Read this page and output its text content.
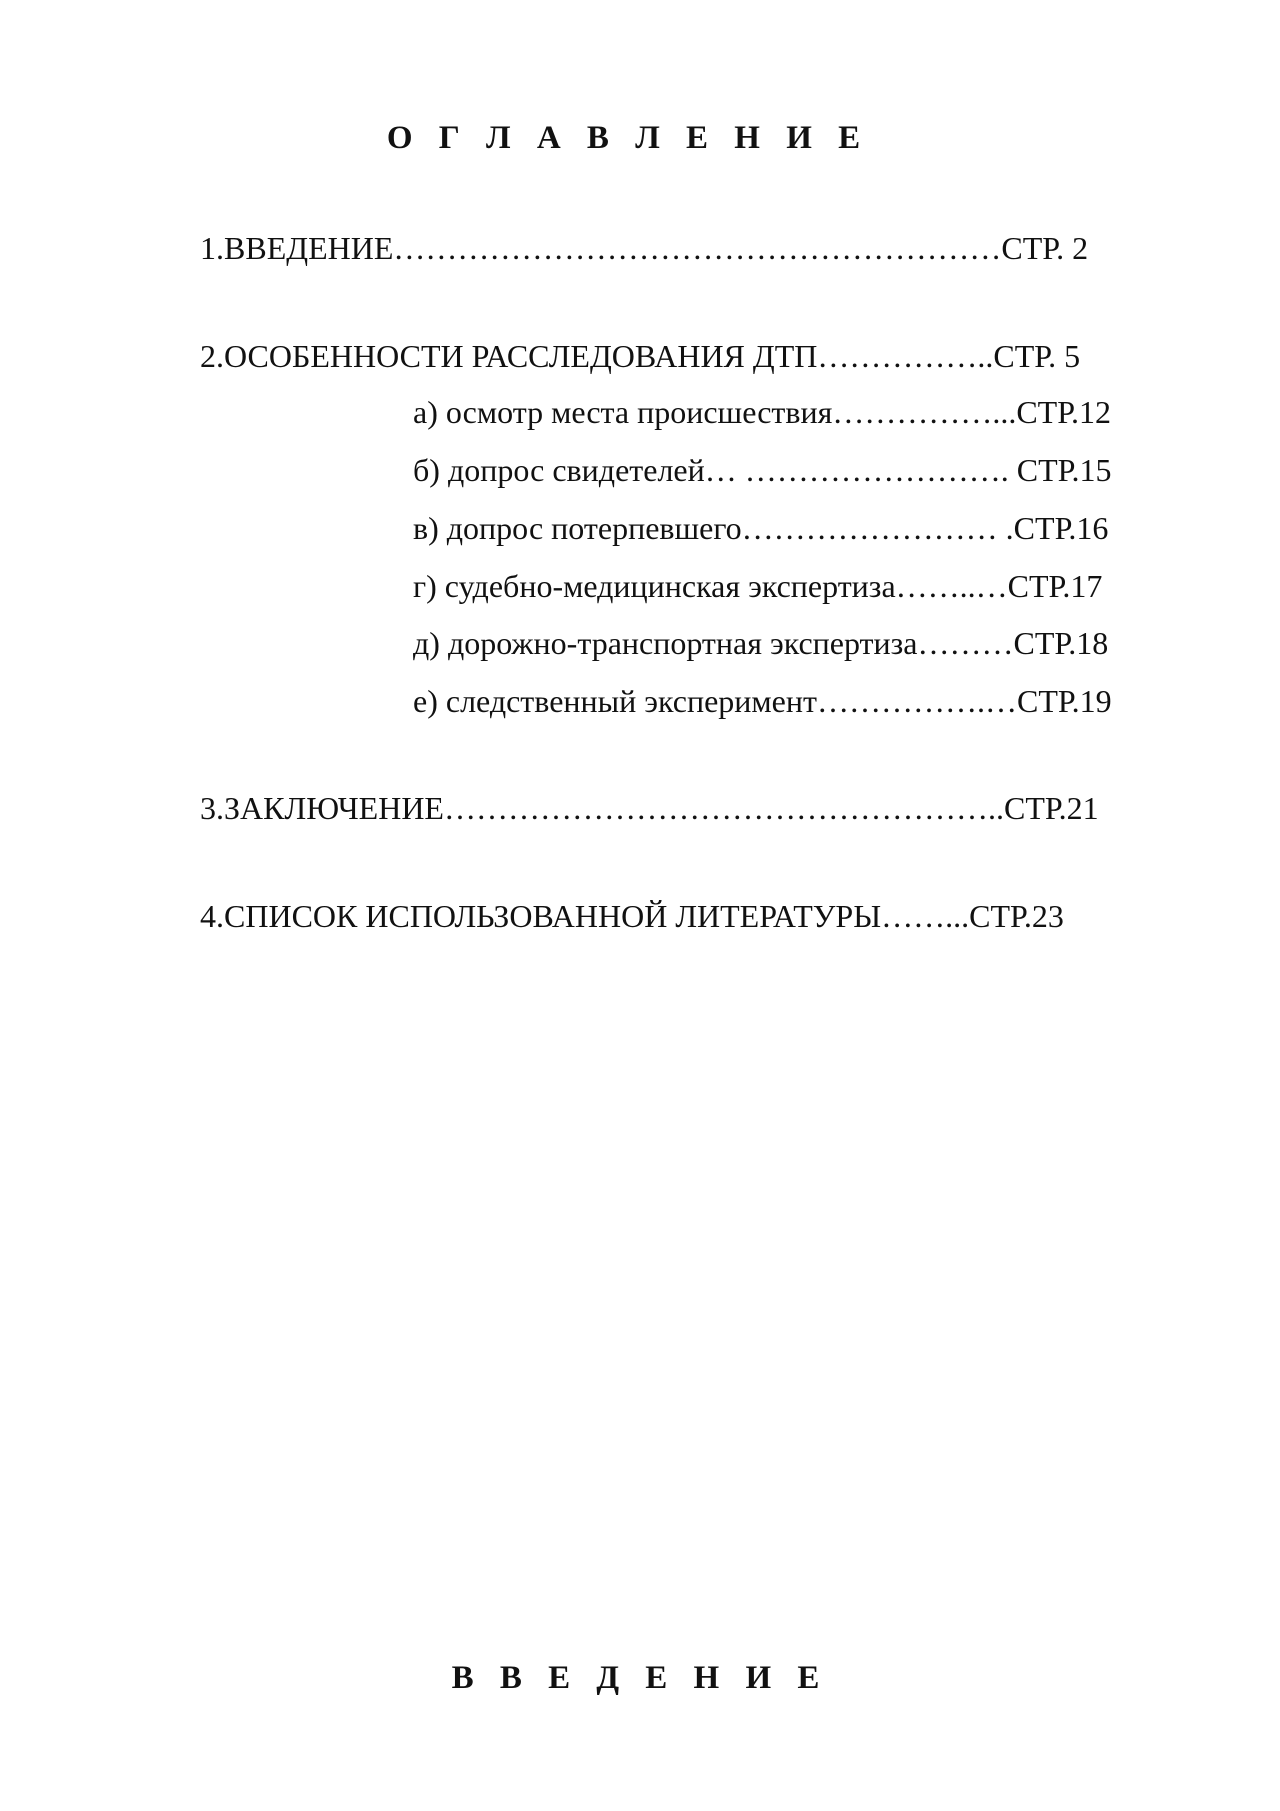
О Г Л А В Л Е Н И Е
1.ВВЕДЕНИЕ…………………………………………………СТР. 2
2.ОСОБЕННОСТИ РАССЛЕДОВАНИЯ ДТП……………..СТР. 5
а) осмотр места происшествия……………...СТР.12
б) допрос свидетелей… ……………………. СТР.15
в) допрос потерпевшего…………………… .СТР.16
г) судебно-медицинская экспертиза……..…СТР.17
д) дорожно-транспортная экспертиза………СТР.18
е) следственный эксперимент…………….…СТР.19
3.ЗАКЛЮЧЕНИЕ……………………………………………..СТР.21
4.СПИСОК ИСПОЛЬЗОВАННОЙ ЛИТЕРАТУРЫ……...СТР.23
В В Е Д Е Н И Е
